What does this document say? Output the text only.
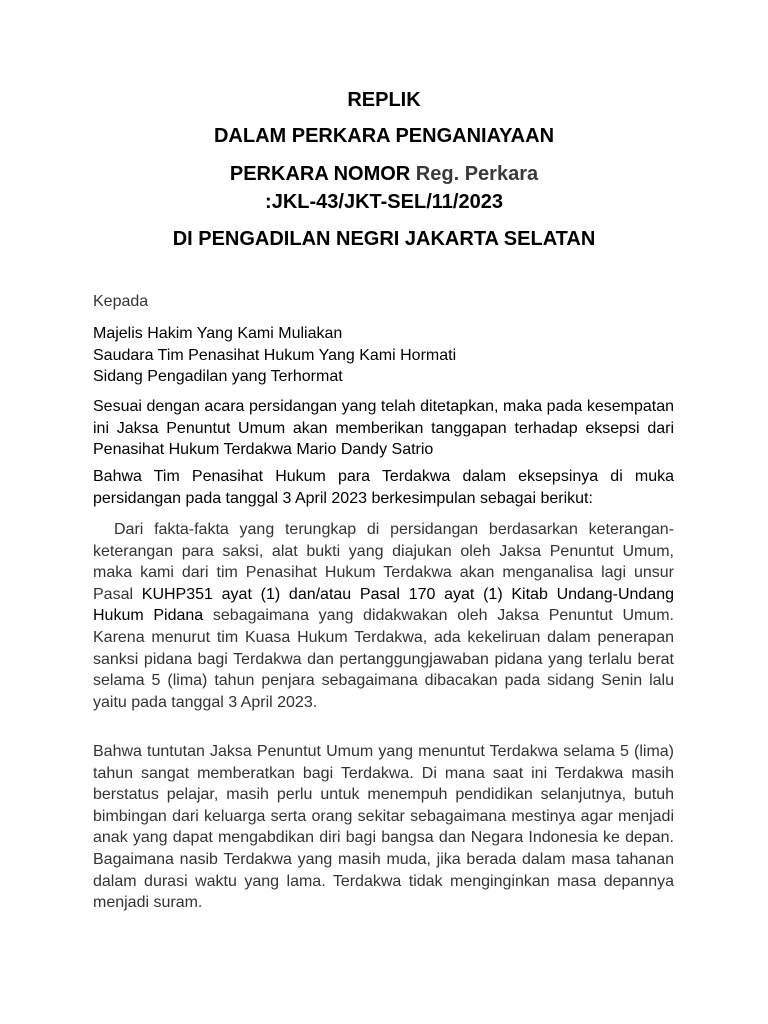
REPLIK
DALAM PERKARA PENGANIAYAAN
PERKARA NOMOR Reg. Perkara
:JKL-43/JKT-SEL/11/2023
DI PENGADILAN NEGRI JAKARTA SELATAN
Kepada
Majelis Hakim Yang Kami Muliakan
Saudara Tim Penasihat Hukum Yang Kami Hormati
Sidang Pengadilan yang Terhormat
Sesuai dengan acara persidangan yang telah ditetapkan, maka pada kesempatan ini Jaksa Penuntut Umum akan memberikan tanggapan terhadap eksepsi dari Penasihat Hukum Terdakwa Mario Dandy Satrio
Bahwa Tim Penasihat Hukum para Terdakwa dalam eksepsinya di muka persidangan pada tanggal 3 April 2023 berkesimpulan sebagai berikut:
Dari fakta-fakta yang terungkap di persidangan berdasarkan keterangan-keterangan para saksi, alat bukti yang diajukan oleh Jaksa Penuntut Umum, maka kami dari tim Penasihat Hukum Terdakwa akan menganalisa lagi unsur Pasal KUHP351 ayat (1) dan/atau Pasal 170 ayat (1) Kitab Undang-Undang Hukum Pidana sebagaimana yang didakwakan oleh Jaksa Penuntut Umum. Karena menurut tim Kuasa Hukum Terdakwa, ada kekeliruan dalam penerapan sanksi pidana bagi Terdakwa dan pertanggungjawaban pidana yang terlalu berat selama 5 (lima) tahun penjara sebagaimana dibacakan pada sidang Senin lalu yaitu pada tanggal 3 April 2023.
Bahwa tuntutan Jaksa Penuntut Umum yang menuntut Terdakwa selama 5 (lima) tahun sangat memberatkan bagi Terdakwa. Di mana saat ini Terdakwa masih berstatus pelajar, masih perlu untuk menempuh pendidikan selanjutnya, butuh bimbingan dari keluarga serta orang sekitar sebagaimana mestinya agar menjadi anak yang dapat mengabdikan diri bagi bangsa dan Negara Indonesia ke depan. Bagaimana nasib Terdakwa yang masih muda, jika berada dalam masa tahanan dalam durasi waktu yang lama. Terdakwa tidak menginginkan masa depannya menjadi suram.
